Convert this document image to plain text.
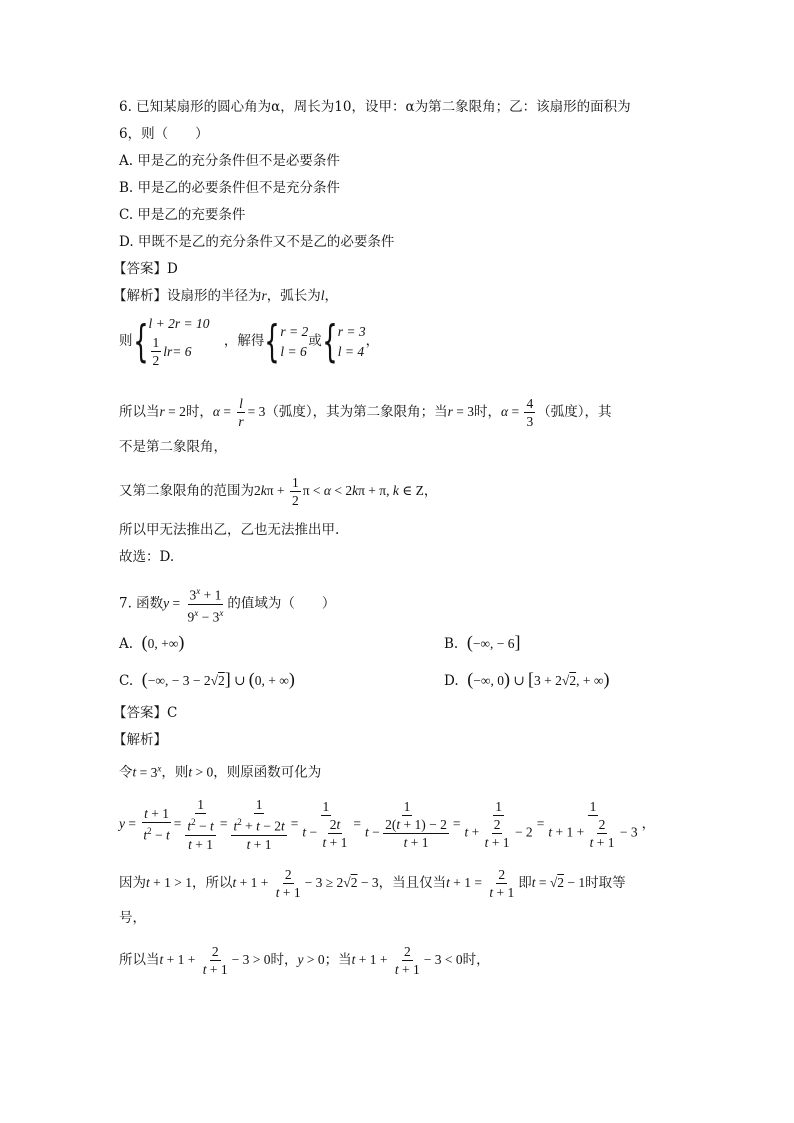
6. 已知某扇形的圆心角为α，周长为10，设甲：α为第二象限角；乙：该扇形的面积为
6，则（　　）
A. 甲是乙的充分条件但不是必要条件
B. 甲是乙的必要条件但不是充分条件
C. 甲是乙的充要条件
D. 甲既不是乙的充分条件又不是乙的必要条件
【答案】D
【解析】设扇形的半径为r，弧长为l，
则{ l + 2r = 10
$\frac{1}{2}$ lr = 6
，解得{ r = 2
l = 6
或{ r = 3
l = 4
，
所以当r = 2时，$\alpha = \frac{l}{r} = 3$（弧度），其为第二象限角；当r = 3时，$\alpha = \frac{4}{3}$ （弧度），其
不是第二象限角，
又第二象限角的范围为$2k\pi + \frac{1}{2}$ π < α < 2kπ + π, k ∈ Z，
所以甲无法推出乙，乙也无法推出甲.
故选：D.
7. 函数$y = \frac{3^x + 1}{9^x - 3^x}$ 的值域为（　　）
A. (0, +∞)	B. (−∞, − 6]
C. (−∞, − 3 − 2√2] ∪ (0, + ∞)	D. (−∞, 0) ∪ [3 + 2√2, + ∞)
【答案】C
【解析】
令$t = 3^x$，则t > 0，则原函数可化为
$y = \frac{t + 1}{t^2 - t} = \frac{1}{\frac{t^2 - t}{t + 1}} = \frac{1}{\frac{t^2 + t - 2t}{t + 1}} = \frac{1}{t - \frac{2t}{t + 1}} = \frac{1}{t - \frac{2(t + 1) - 2}{t + 1}} = \frac{1}{t + \frac{2}{t + 1} - 2} = \frac{1}{t + 1 + \frac{2}{t + 1} - 3}$ ，
因为t + 1 > 1，所以$t + 1 + \frac{2}{t + 1} - 3 \ge 2√2 - 3$，当且仅当$t + 1 = \frac{2}{t + 1}$ 即t = √2 − 1时取等
号，
所以当$t + 1 + \frac{2}{t + 1} - 3 > 0$时，y > 0；当$t + 1 + \frac{2}{t + 1} - 3 < 0$时，
